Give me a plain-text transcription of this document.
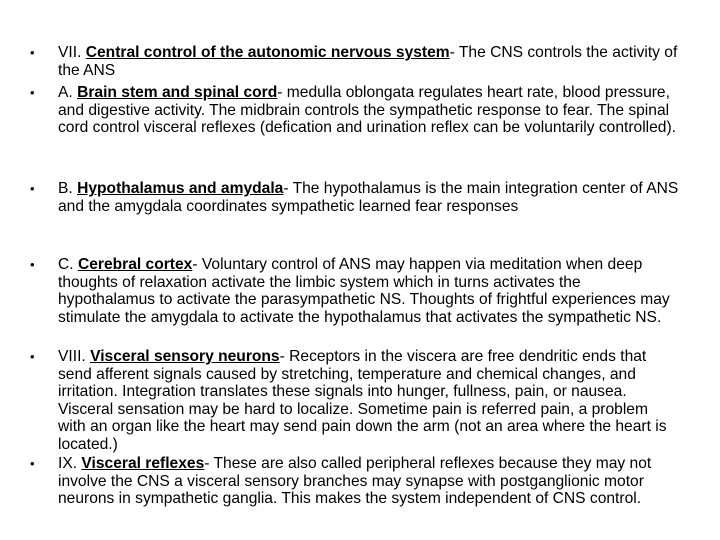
•	VII. Central control of the autonomic nervous system- The CNS controls the activity of the ANS
•	A. Brain stem and spinal cord- medulla oblongata regulates heart rate, blood pressure, and digestive activity. The midbrain controls the sympathetic response to fear. The spinal cord control visceral reflexes (defication and urination reflex can be voluntarily controlled).
•	B. Hypothalamus and amydala- The hypothalamus is the main integration center of ANS and the amygdala coordinates sympathetic learned fear responses
•	C. Cerebral cortex- Voluntary control of ANS may happen via meditation when deep thoughts of relaxation activate the limbic system which in turns activates the hypothalamus to activate the parasympathetic NS. Thoughts of frightful experiences may stimulate the amygdala to activate the hypothalamus that activates the sympathetic NS.
•	VIII. Visceral sensory neurons- Receptors in the viscera are free dendritic ends that send afferent signals caused by stretching, temperature and chemical changes, and irritation. Integration translates these signals into hunger, fullness, pain, or nausea. Visceral sensation may be hard to localize. Sometime pain is referred pain, a problem with an organ like the heart may send pain down the arm (not an area where the heart is located.)
•	IX. Visceral reflexes- These are also called peripheral reflexes because they may not involve the CNS a visceral sensory branches may synapse with postganglionic motor neurons in sympathetic ganglia. This makes the system independent of CNS control.
